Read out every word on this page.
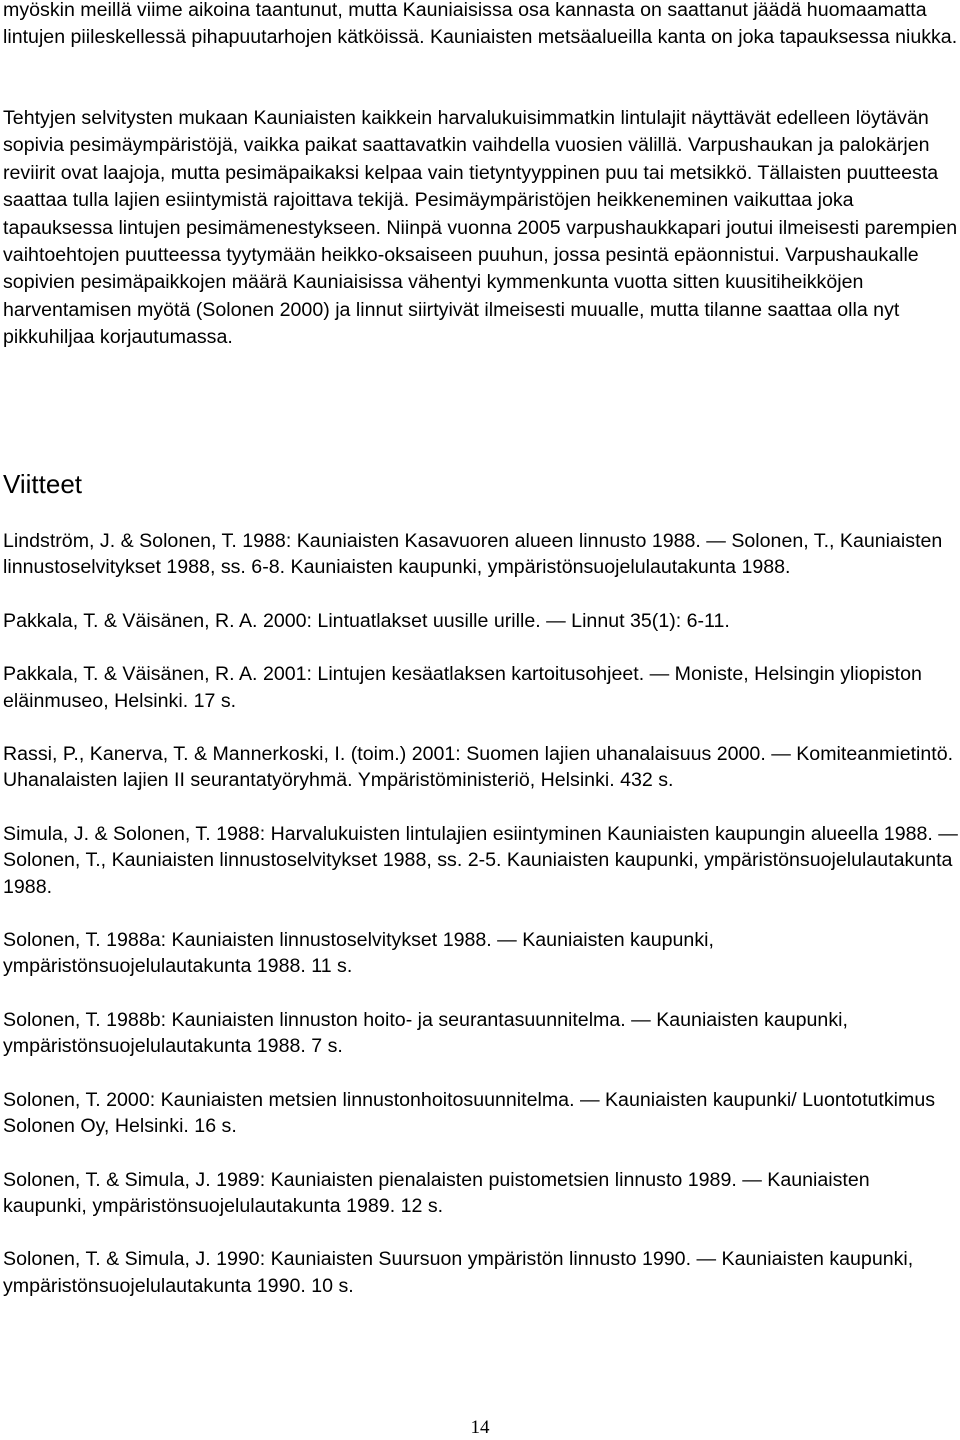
myöskin meillä viime aikoina taantunut, mutta Kauniaisissa osa kannasta on saattanut jäädä huomaamatta lintujen piileskellessä pihapuutarhojen kätköissä. Kauniaisten metsäalueilla kanta on joka tapauksessa niukka.

Tehtyjen selvitysten mukaan Kauniaisten kaikkein harvalukuisimmatkin lintulajit näyttävät edelleen löytävän sopivia pesimäympäristöjä, vaikka paikat saattavatkin vaihdella vuosien välillä. Varpushaukan ja palokärjen reviirit ovat laajoja, mutta pesimäpaikaksi kelpaa vain tietyntyyppinen puu tai metsikkö. Tällaisten puutteesta saattaa tulla lajien esiintymistä rajoittava tekijä. Pesimäympäristöjen heikkeneminen vaikuttaa joka tapauksessa lintujen pesimämenestykseen. Niinpä vuonna 2005 varpushaukkapari joutui ilmeisesti parempien vaihtoehtojen puutteessa tyytymään heikko-oksaiseen puuhun, jossa pesintä epäonnistui. Varpushaukalle sopivien pesimäpaikkojen määrä Kauniaisissa vähentyi kymmenkunta vuotta sitten kuusitiheikköjen harventamisen myötä (Solonen 2000) ja linnut siirtyivät ilmeisesti muualle, mutta tilanne saattaa olla nyt pikkuhiljaa korjautumassa.

Viitteet
Lindström, J. & Solonen, T. 1988: Kauniaisten Kasavuoren alueen linnusto 1988. — Solonen, T., Kauniaisten linnustoselvitykset 1988, ss. 6-8. Kauniaisten kaupunki, ympäristönsuojelulautakunta 1988.
Pakkala, T. & Väisänen, R. A. 2000: Lintuatlakset uusille urille. — Linnut 35(1): 6-11.
Pakkala, T. & Väisänen, R. A. 2001: Lintujen kesäatlaksen kartoitusohjeet. — Moniste, Helsingin yliopiston eläinmuseo, Helsinki. 17 s.
Rassi, P., Kanerva, T. & Mannerkoski, I. (toim.) 2001: Suomen lajien uhanalaisuus 2000. — Komiteanmietintö. Uhanalaisten lajien II seurantatyöryhmä. Ympäristöministeriö, Helsinki. 432 s.
Simula, J. & Solonen, T. 1988: Harvalukuisten lintulajien esiintyminen Kauniaisten kaupungin alueella 1988. — Solonen, T., Kauniaisten linnustoselvitykset 1988, ss. 2-5. Kauniaisten kaupunki, ympäristönsuojelulautakunta 1988.
Solonen, T. 1988a: Kauniaisten linnustoselvitykset 1988. — Kauniaisten kaupunki, ympäristönsuojelulautakunta 1988. 11 s.
Solonen, T. 1988b: Kauniaisten linnuston hoito- ja seurantasuunnitelma. — Kauniaisten kaupunki, ympäristönsuojelulautakunta 1988. 7 s.
Solonen, T. 2000: Kauniaisten metsien linnustonhoitosuunnitelma. — Kauniaisten kaupunki/ Luontotutkimus Solonen Oy, Helsinki. 16 s.
Solonen, T. & Simula, J. 1989: Kauniaisten pienalaisten puistometsien linnusto 1989. — Kauniaisten kaupunki, ympäristönsuojelulautakunta 1989. 12 s.
Solonen, T. & Simula, J. 1990: Kauniaisten Suursuon ympäristön linnusto 1990. — Kauniaisten kaupunki, ympäristönsuojelulautakunta 1990. 10 s.
14
